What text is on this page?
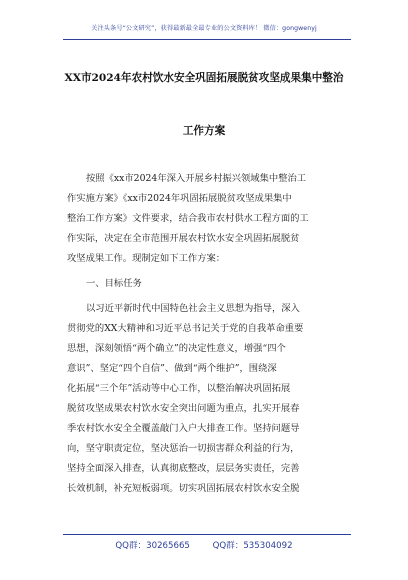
关注头条号“公文研究”，获得最新最全最专业的公文资料库！ 微信：gongwenyj
XX市2024年农村饮水安全巩固拓展脱贫攻坚成果集中整治
工作方案
按照《xx市2024年深入开展乡村振兴领域集中整治工
作实施方案》《xx市2024年巩固拓展脱贫攻坚成果集中
整治工作方案》文件要求，结合我市农村供水工程方面的工
作实际，决定在全市范围开展农村饮水安全巩固拓展脱贫
攻坚成果工作。现制定如下工作方案：
一、目标任务
以习近平新时代中国特色社会主义思想为指导，深入
贯彻党的XX大精神和习近平总书记关于党的自我革命重要
思想，深刻领悟“两个确立”的决定性意义，增强“四个
意识”、坚定“四个自信”、做到“两个维护”，围绕深
化拓展“三个年”活动等中心工作，以整治解决巩固拓展
脱贫攻坚成果农村饮水安全突出问题为重点，扎实开展春
季农村饮水安全全覆盖敲门入户大排查工作。坚持问题导
向，坚守职责定位，坚决惩治一切损害群众利益的行为，
坚持全面深入排查，认真彻底整改，层层务实责任，完善
长效机制，补充短板弱项。切实巩固拓展农村饮水安全脱
QQ群：30265665	QQ群：535304092
